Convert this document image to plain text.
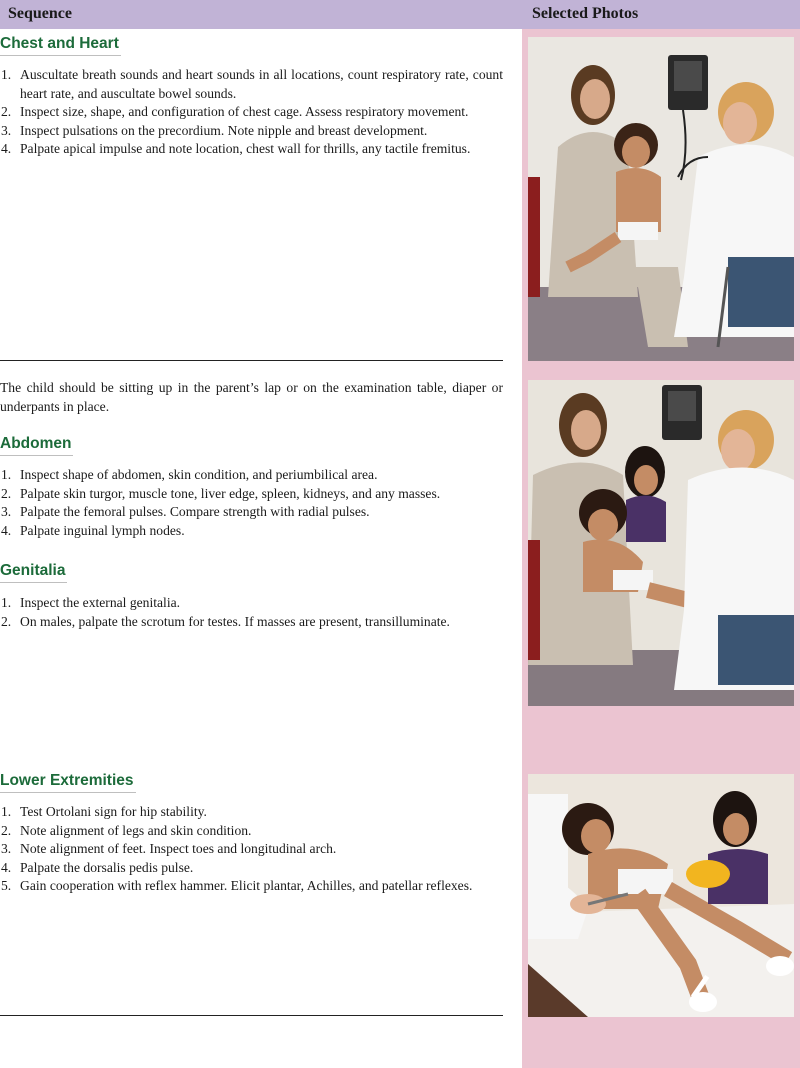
Sequence	Selected Photos
Chest and Heart
1. Auscultate breath sounds and heart sounds in all locations, count respiratory rate, count heart rate, and auscultate bowel sounds.
2. Inspect size, shape, and configuration of chest cage. Assess respiratory movement.
3. Inspect pulsations on the precordium. Note nipple and breast development.
4. Palpate apical impulse and note location, chest wall for thrills, any tactile fremitus.

The child should be sitting up in the parent’s lap or on the examination table, diaper or underpants in place.

Abdomen
1. Inspect shape of abdomen, skin condition, and periumbilical area.
2. Palpate skin turgor, muscle tone, liver edge, spleen, kidneys, and any masses.
3. Palpate the femoral pulses. Compare strength with radial pulses.
4. Palpate inguinal lymph nodes.
Genitalia
1. Inspect the external genitalia.
2. On males, palpate the scrotum for testes. If masses are present, transilluminate.
Lower Extremities
1. Test Ortolani sign for hip stability.
2. Note alignment of legs and skin condition.
3. Note alignment of feet. Inspect toes and longitudinal arch.
4. Palpate the dorsalis pedis pulse.
5. Gain cooperation with reflex hammer. Elicit plantar, Achilles, and patellar reflexes.
